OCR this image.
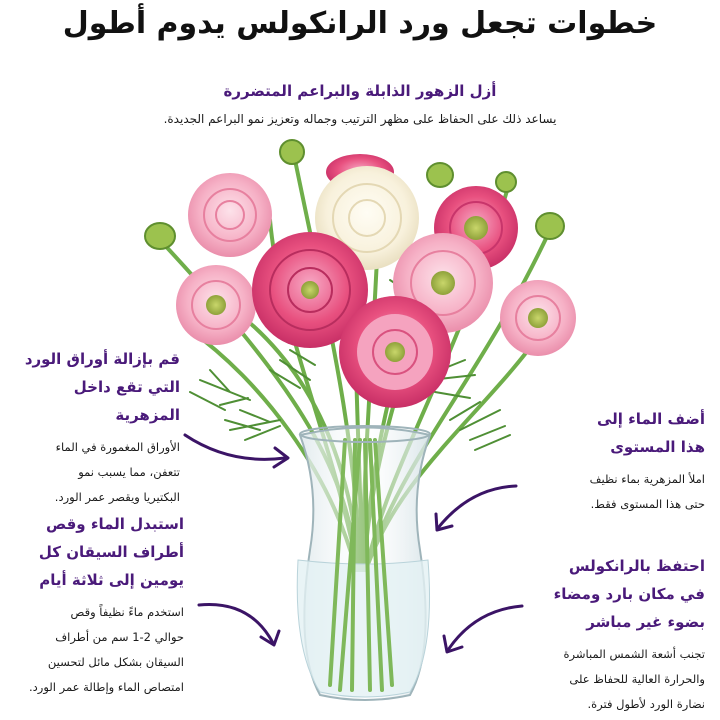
خطوات تجعل ورد الرانكولس يدوم أطول

أزل الزهور الذابلة والبراعم المتضررة

يساعد ذلك على الحفاظ على مظهر الترتيب وجماله وتعزيز نمو البراعم الجديدة.

قم بإزالة أوراق الورد
التي تقع داخل المزهرية

الأوراق المغمورة في الماء
تتعفن، مما يسبب نمو
البكتيريا ويقصر عمر الورد.

استبدل الماء وقص
أطراف السيقان كل
يومين إلى ثلاثة أيام

استخدم ماءً نظيفاً وقص
حوالي 2-1 سم من أطراف
السيقان بشكل مائل لتحسين
امتصاص الماء وإطالة عمر الورد.

أضف الماء إلى
هذا المستوى

املأ المزهرية بماء نظيف
حتى هذا المستوى فقط.

احتفظ بالرانكولس
في مكان بارد ومضاء
بضوء غير مباشر

تجنب أشعة الشمس المباشرة
والحرارة العالية للحفاظ على
نضارة الورد لأطول فترة.
